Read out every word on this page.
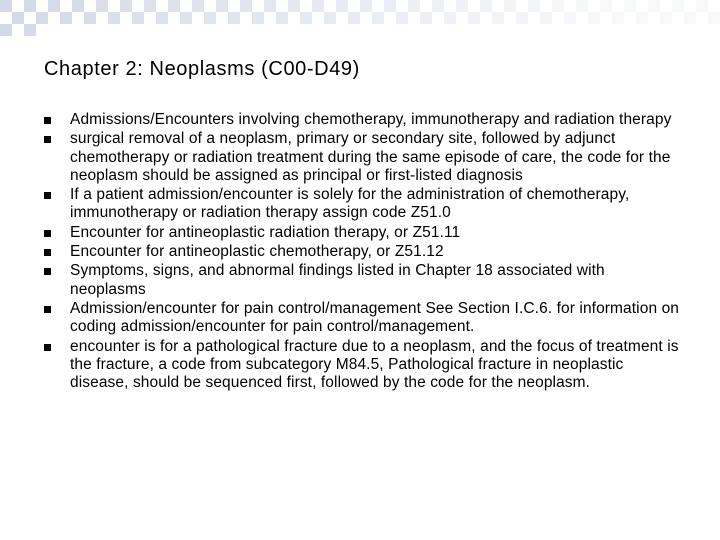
Chapter 2: Neoplasms (C00-D49)
Admissions/Encounters involving chemotherapy, immunotherapy and radiation therapy
surgical removal of a neoplasm, primary or secondary site, followed by adjunct chemotherapy or radiation treatment during the same episode of care, the code for the neoplasm should be assigned as principal or first-listed diagnosis
If a patient admission/encounter is solely for the administration of chemotherapy, immunotherapy or radiation therapy assign code Z51.0
Encounter for antineoplastic radiation therapy, or Z51.11
Encounter for antineoplastic chemotherapy, or Z51.12
Symptoms, signs, and abnormal findings listed in Chapter 18 associated with neoplasms
Admission/encounter for pain control/management See Section I.C.6. for information on coding admission/encounter for pain control/management.
encounter is for a pathological fracture due to a neoplasm, and the focus of treatment is the fracture, a code from subcategory M84.5, Pathological fracture in neoplastic disease, should be sequenced first, followed by the code for the neoplasm.
